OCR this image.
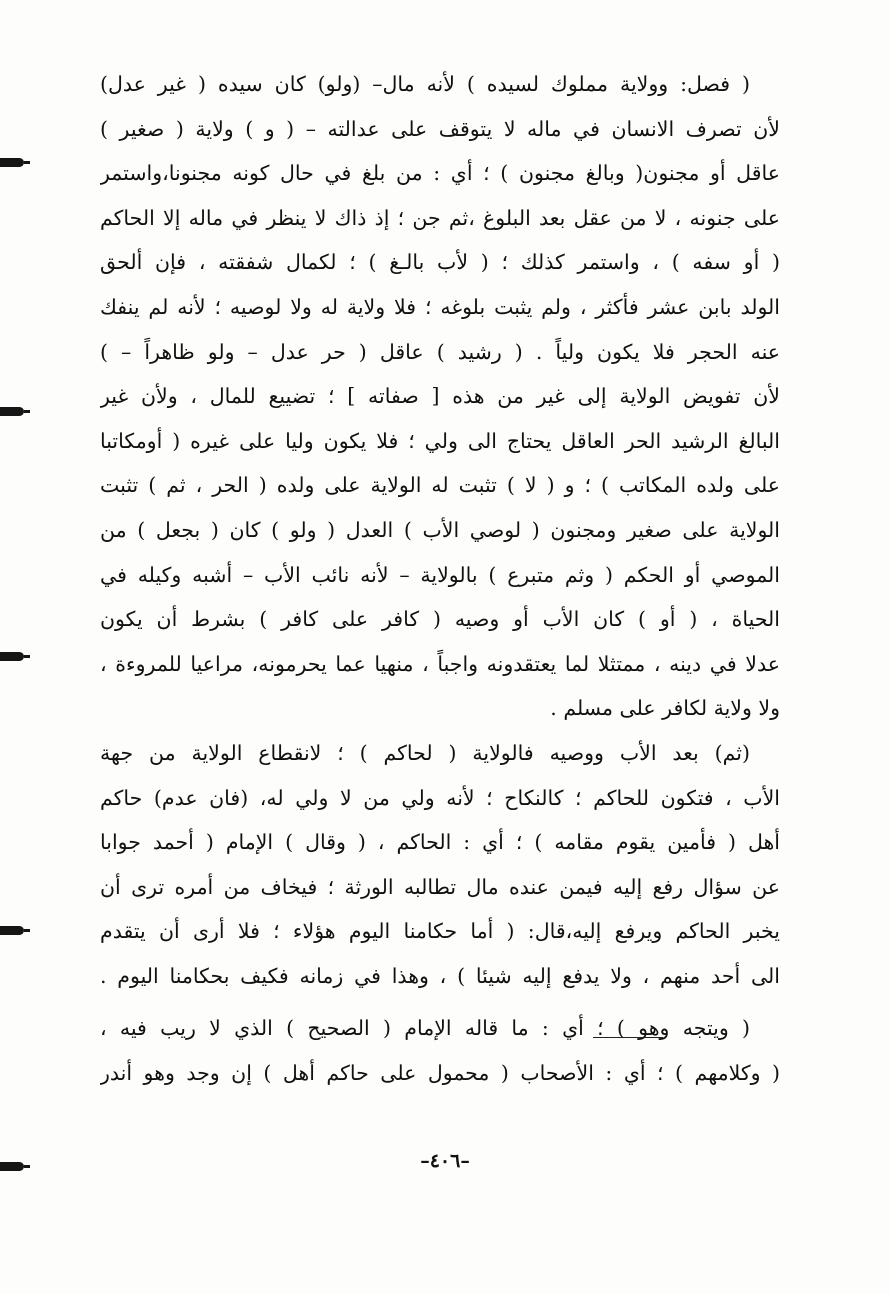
( فصل: وولاية مملوك لسيده ) لأنه مال– (ولو) كان سيده ( غير عدل)
لأن تصرف الانسان في ماله لا يتوقف على عدالته – ( و ) ولاية ( صغير )
عاقل أو مجنون( وبالغ مجنون ) ؛ أي : من بلغ في حال كونه مجنونا،واستمر
على جنونه ، لا من عقل بعد البلوغ ،ثم جن ؛ إذ ذاك لا ينظر في ماله إلا الحاكم
( أو سفه ) ، واستمر كذلك ؛ ( لأب بالـغ ) ؛ لكمال شفقته ، فإن ألحق
الولد بابن عشر فأكثر ، ولم يثبت بلوغه ؛ فلا ولاية له ولا لوصيه ؛ لأنه لم ينفك
عنه الحجر فلا يكون ولياً . ( رشيد ) عاقل ( حر عدل – ولو ظاهراً – )
لأن تفويض الولاية إلى غير من هذه [ صفاته ] ؛ تضييع للمال ، ولأن غير
البالغ الرشيد الحر العاقل يحتاج الى ولي ؛ فلا يكون وليا على غيره ( أومكاتبا
على ولده المكاتب ) ؛ و ( لا ) تثبت له الولاية على ولده ( الحر ، ثم ) تثبت
الولاية على صغير ومجنون ( لوصي الأب ) العدل ( ولو ) كان ( بجعل ) من
الموصي أو الحكم ( وثم متبرع ) بالولاية – لأنه نائب الأب – أشبه وكيله في
الحياة ، ( أو ) كان الأب أو وصيه ( كافر على كافر ) بشرط أن يكون
عدلا في دينه ، ممتثلا لما يعتقدونه واجباً ، منهيا عما يحرمونه، مراعيا للمروءة ،
ولا ولاية لكافر على مسلم .
(ثم) بعد الأب ووصيه فالولاية ( لحاكم ) ؛ لانقطاع الولاية من جهة
الأب ، فتكون للحاكم ؛ كالنكاح ؛ لأنه ولي من لا ولي له، (فان عدم) حاكم
أهل ( فأمين يقوم مقامه ) ؛ أي : الحاكم ، ( وقال ) الإمام ( أحمد جوابا
عن سؤال رفع إليه فيمن عنده مال تطالبه الورثة ؛ فيخاف من أمره ترى أن
يخبر الحاكم ويرفع إليه،قال: ( أما حكامنا اليوم هؤلاء ؛ فلا أرى أن يتقدم
الى أحد منهم ، ولا يدفع إليه شيئا ) ، وهذا في زمانه فكيف بحكامنا اليوم .
( ويتجه وهو ) ؛ أي : ما قاله الإمام ( الصحيح ) الذي لا ريب فيه ،
( وكلامهم ) ؛ أي : الأصحاب ( محمول على حاكم أهل ) إن وجد وهو أندر
–٤٠٦–
